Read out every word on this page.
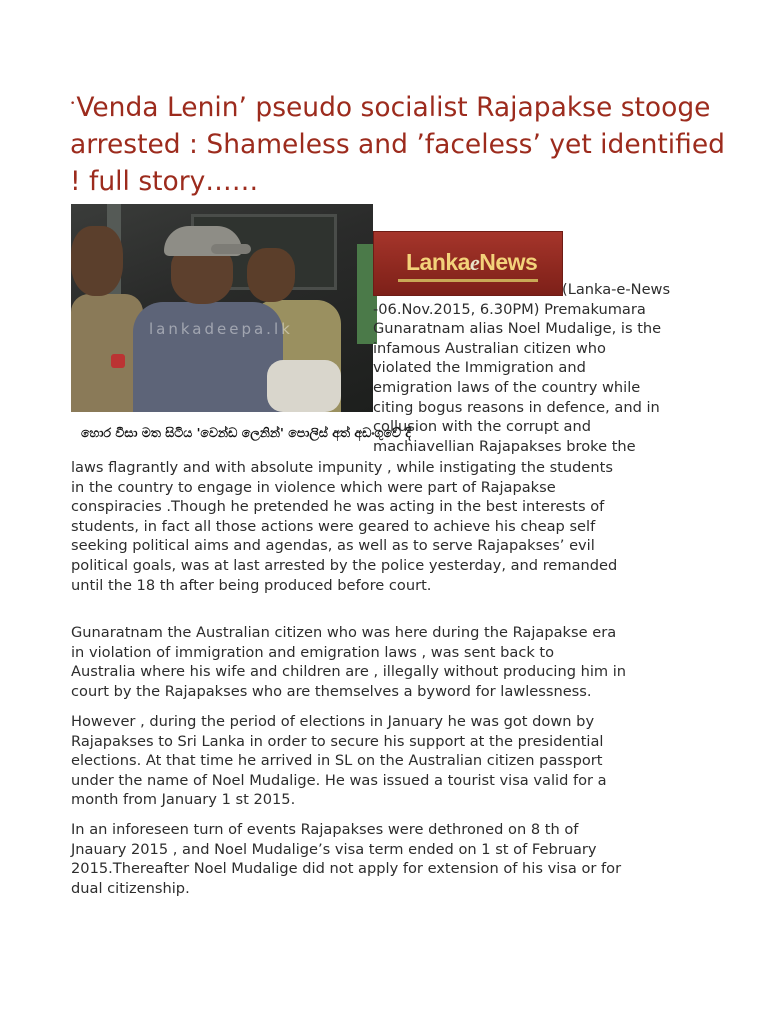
•Venda Lenin’ pseudo socialist Rajapakse stooge arrested : Shameless and ’faceless’ yet identified ! full story……
lankadeepa.lk
හොර වීසා මත සිටිය 'වෙන්ඩ ලෙනින්' පොලිස් අත් අඩංගුවේ දී
LankaeNews
(Lanka-e-News
-06.Nov.2015, 6.30PM) Premakumara
Gunaratnam alias Noel Mudalige, is the
infamous Australian citizen who
violated the Immigration and
emigration laws of the country while
citing bogus reasons in defence, and in
collusion with the corrupt and
machiavellian Rajapakses broke the
laws flagrantly and with absolute impunity , while instigating the students
in the country to engage in violence which were part of Rajapakse
conspiracies .Though he pretended he was acting in the best interests of
students, in fact all those actions were geared to achieve his cheap self
seeking political aims and agendas, as well as to serve Rajapakses’ evil
political goals, was at last arrested by the police yesterday, and remanded
until the 18 th after being produced before court.
Gunaratnam the Australian citizen who was here during the Rajapakse era
in violation of immigration and emigration laws , was sent back to
Australia where his wife and children are , illegally without producing him in
court by the Rajapakses who are themselves a byword for lawlessness.
However , during the period of elections in January he was got down by
Rajapakses to Sri Lanka in order to secure his support at the presidential
elections. At that time he arrived in SL on the Australian citizen passport
under the name of Noel Mudalige. He was issued a tourist visa valid for a
month from January 1 st 2015.
In an inforeseen turn of events Rajapakses were dethroned on 8 th of
Jnauary 2015 , and Noel Mudalige’s visa term ended on 1 st of February
2015.Thereafter Noel Mudalige did not apply for extension of his visa or for
dual citizenship.
